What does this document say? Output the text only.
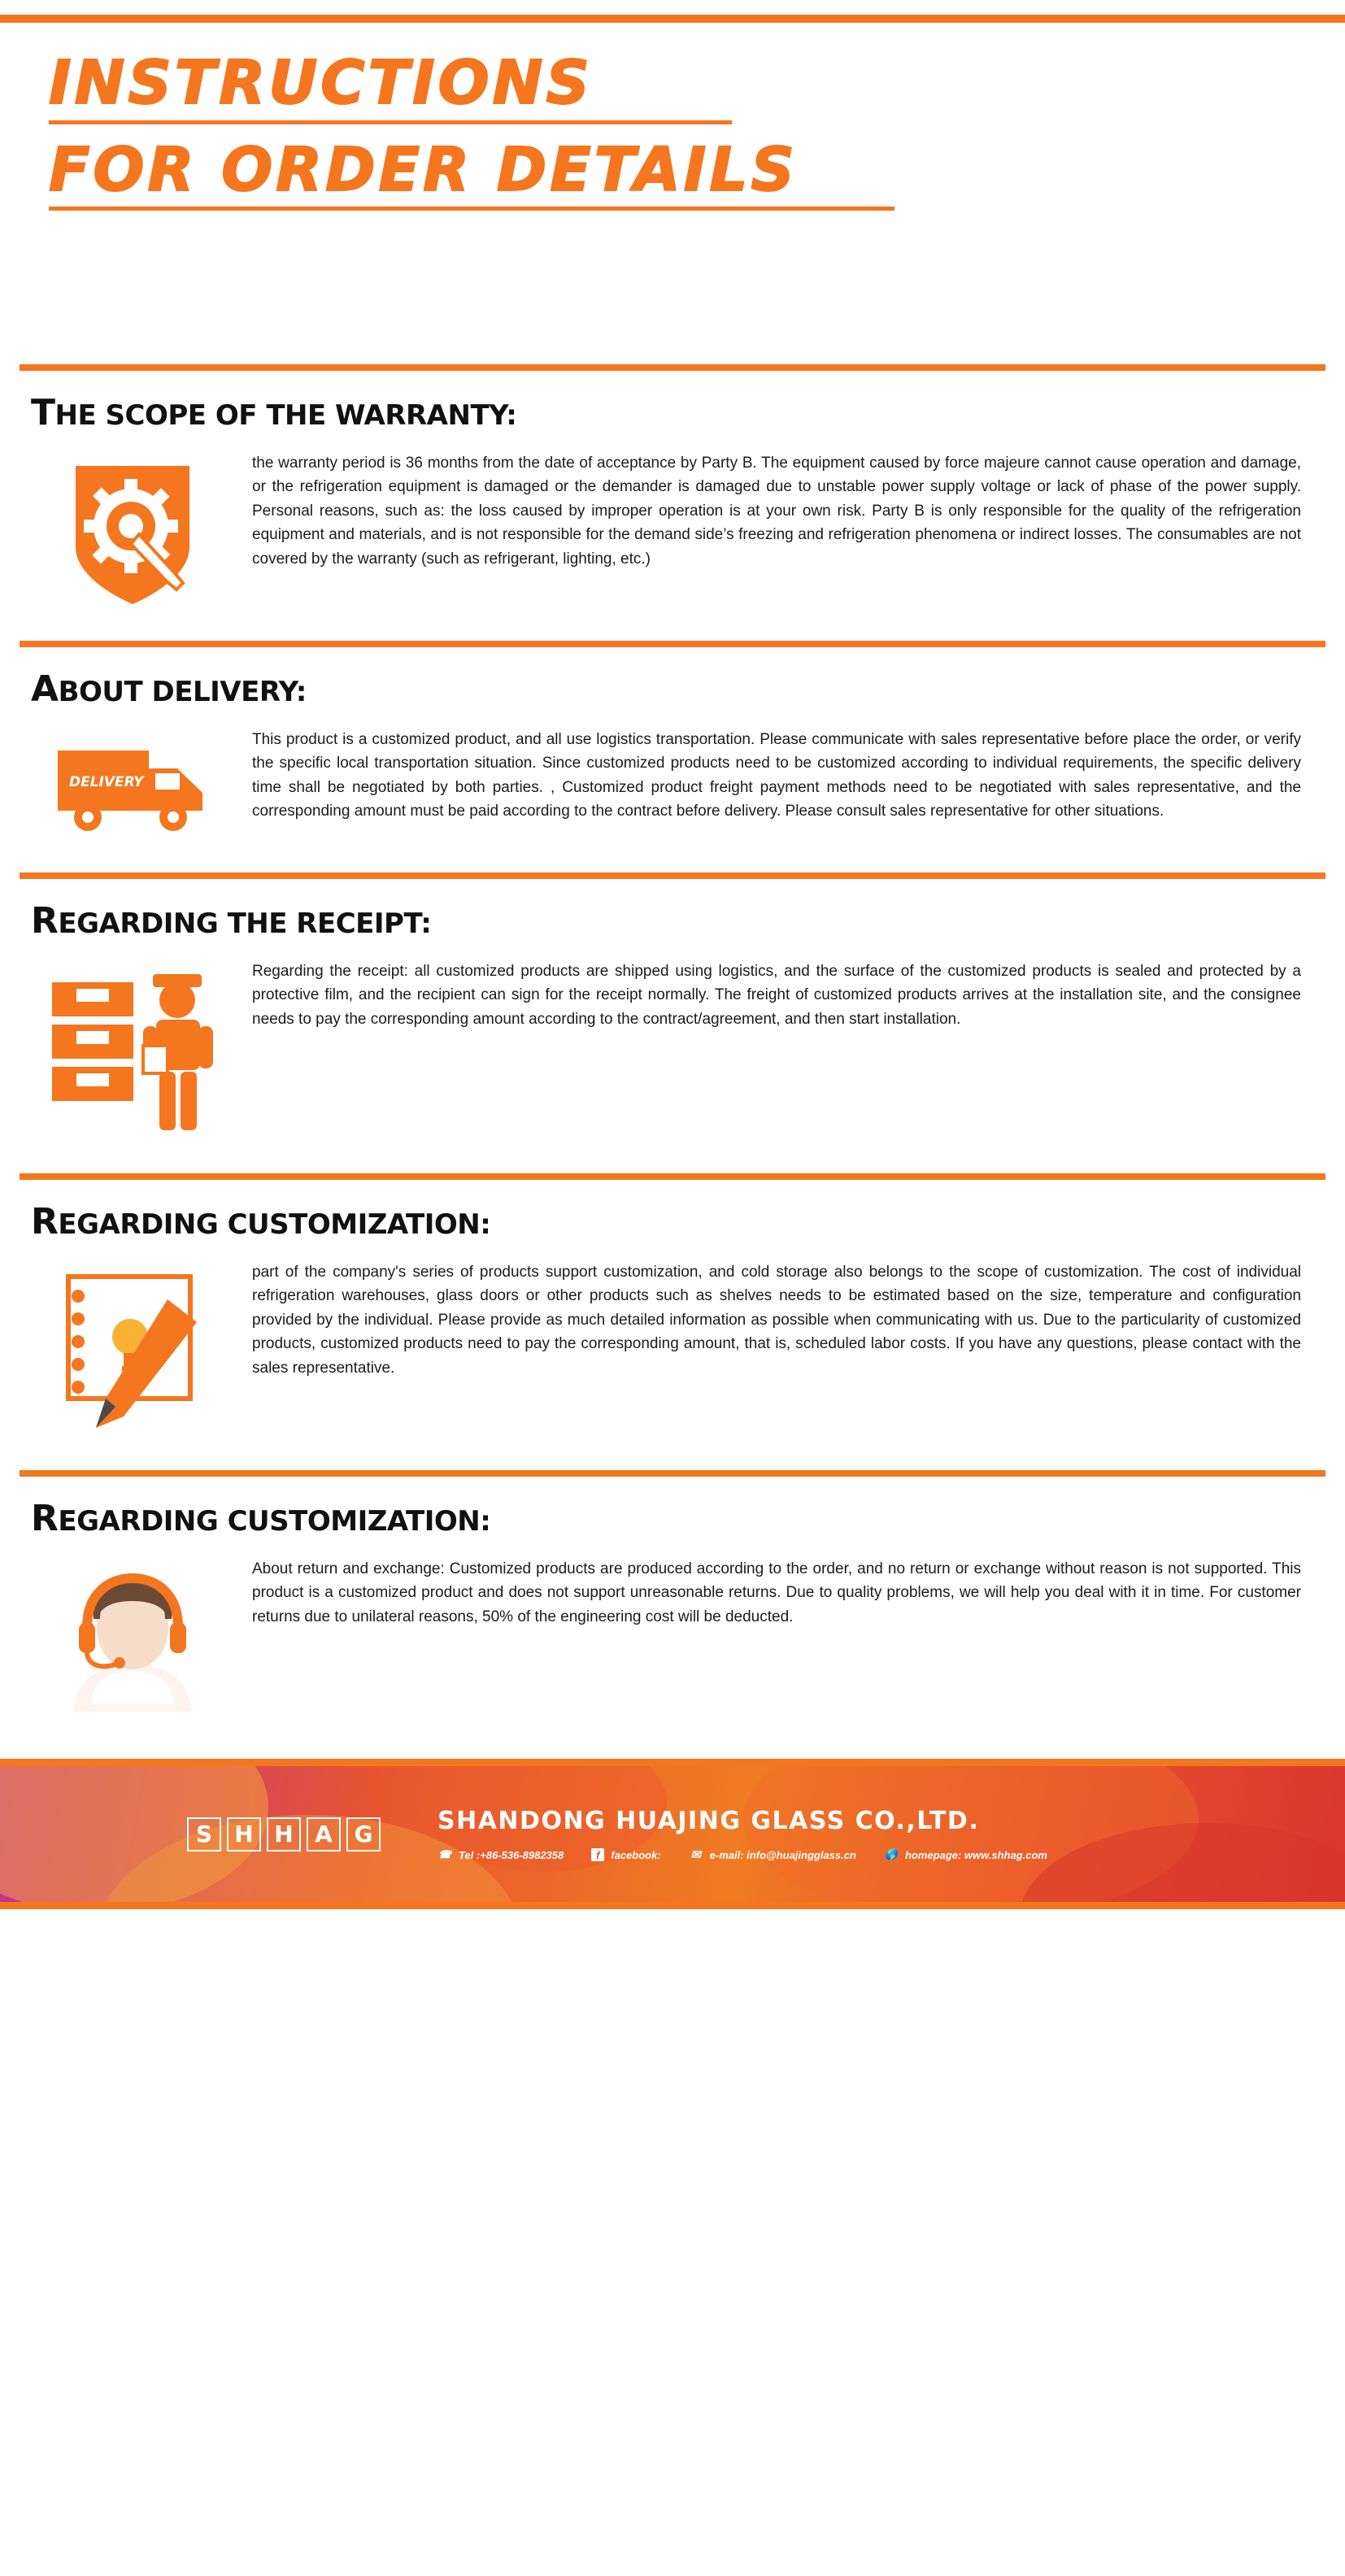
INSTRUCTIONS
FOR ORDER DETAILS
THE SCOPE OF THE WARRANTY:
the warranty period is 36 months from the date of acceptance by Party B. The equipment caused by force majeure cannot cause operation and damage, or the refrigeration equipment is damaged or the demander is damaged due to unstable power supply voltage or lack of phase of the power supply. Personal reasons, such as: the loss caused by improper operation is at your own risk. Party B is only responsible for the quality of the refrigeration equipment and materials, and is not responsible for the demand side’s freezing and refrigeration phenomena or indirect losses. The consumables are not covered by the warranty (such as refrigerant, lighting, etc.)
ABOUT DELIVERY:
DELIVERY
This product is a customized product, and all use logistics transportation. Please communicate with sales representative before place the order, or verify the specific local transportation situation. Since customized products need to be customized according to individual requirements, the specific delivery time shall be negotiated by both parties. , Customized product freight payment methods need to be negotiated with sales representative, and the corresponding amount must be paid according to the contract before delivery. Please consult sales representative for other situations.
REGARDING THE RECEIPT:
Regarding the receipt: all customized products are shipped using logistics, and the surface of the customized products is sealed and protected by a protective film, and the recipient can sign for the receipt normally. The freight of customized products arrives at the installation site, and the consignee needs to pay the corresponding amount according to the contract/agreement, and then start installation.
REGARDING CUSTOMIZATION:
part of the company's series of products support customization, and cold storage also belongs to the scope of customization. The cost of individual refrigeration warehouses, glass doors or other products such as shelves needs to be estimated based on the size, temperature and configuration provided by the individual. Please provide as much detailed information as possible when communicating with us. Due to the particularity of customized products, customized products need to pay the corresponding amount, that is, scheduled labor costs. If you have any questions, please contact with the sales representative.
REGARDING CUSTOMIZATION:
About return and exchange: Customized products are produced according to the order, and no return or exchange without reason is not supported. This product is a customized product and does not support unreasonable returns. Due to quality problems, we will help you deal with it in time. For customer returns due to unilateral reasons, 50% of the engineering cost will be deducted.
S H H A G	SHANDONG HUAJING GLASS CO.,LTD.
☎ Tel :+86-536-8982358	f	facebook: ✉ e-mail: info@huajingglass.cn	🌎 homepage: www.shhag.com
